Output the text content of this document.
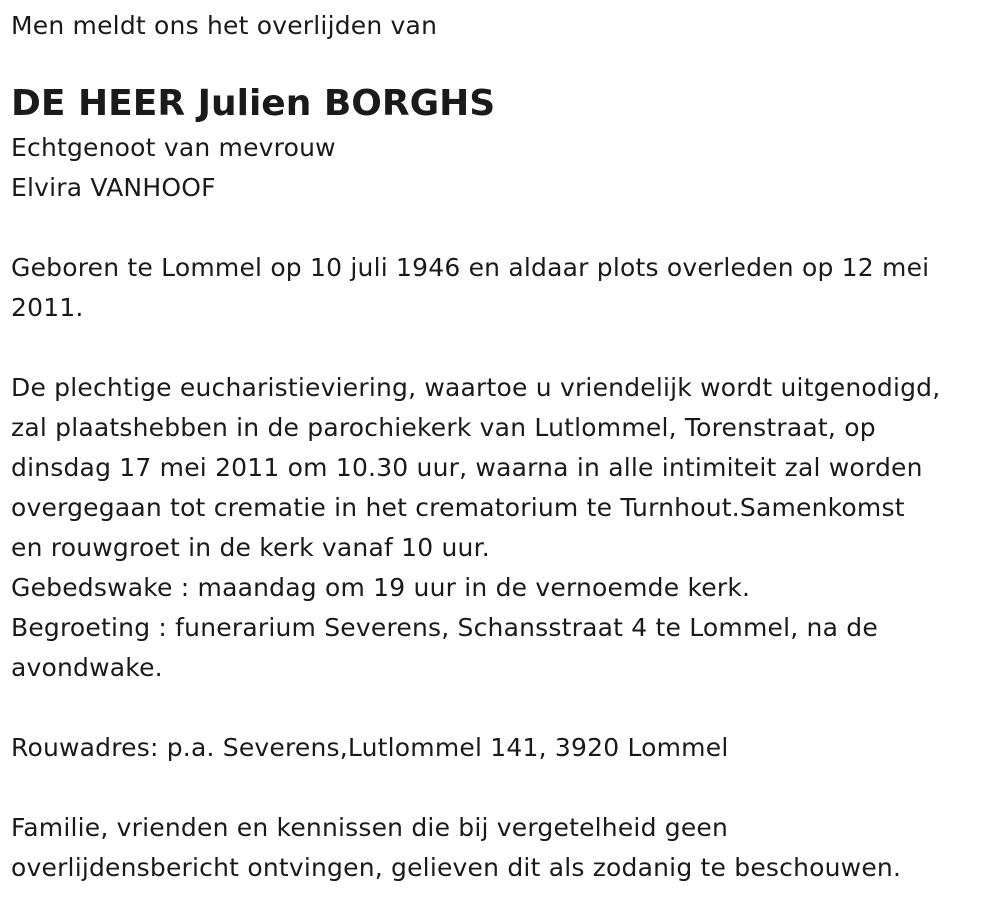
Men meldt ons het overlijden van
DE HEER Julien BORGHS
Echtgenoot van mevrouw
Elvira VANHOOF
Geboren te Lommel op 10 juli 1946 en aldaar plots overleden op 12 mei
2011.
De plechtige eucharistieviering, waartoe u vriendelijk wordt uitgenodigd,
zal plaatshebben in de parochiekerk van Lutlommel, Torenstraat, op
dinsdag 17 mei 2011 om 10.30 uur, waarna in alle intimiteit zal worden
overgegaan tot crematie in het crematorium te Turnhout.Samenkomst
en rouwgroet in de kerk vanaf 10 uur.
Gebedswake : maandag om 19 uur in de vernoemde kerk.
Begroeting : funerarium Severens, Schansstraat 4 te Lommel, na de
avondwake.
Rouwadres: p.a. Severens,Lutlommel 141, 3920 Lommel
Familie, vrienden en kennissen die bij vergetelheid geen
overlijdensbericht ontvingen, gelieven dit als zodanig te beschouwen.
